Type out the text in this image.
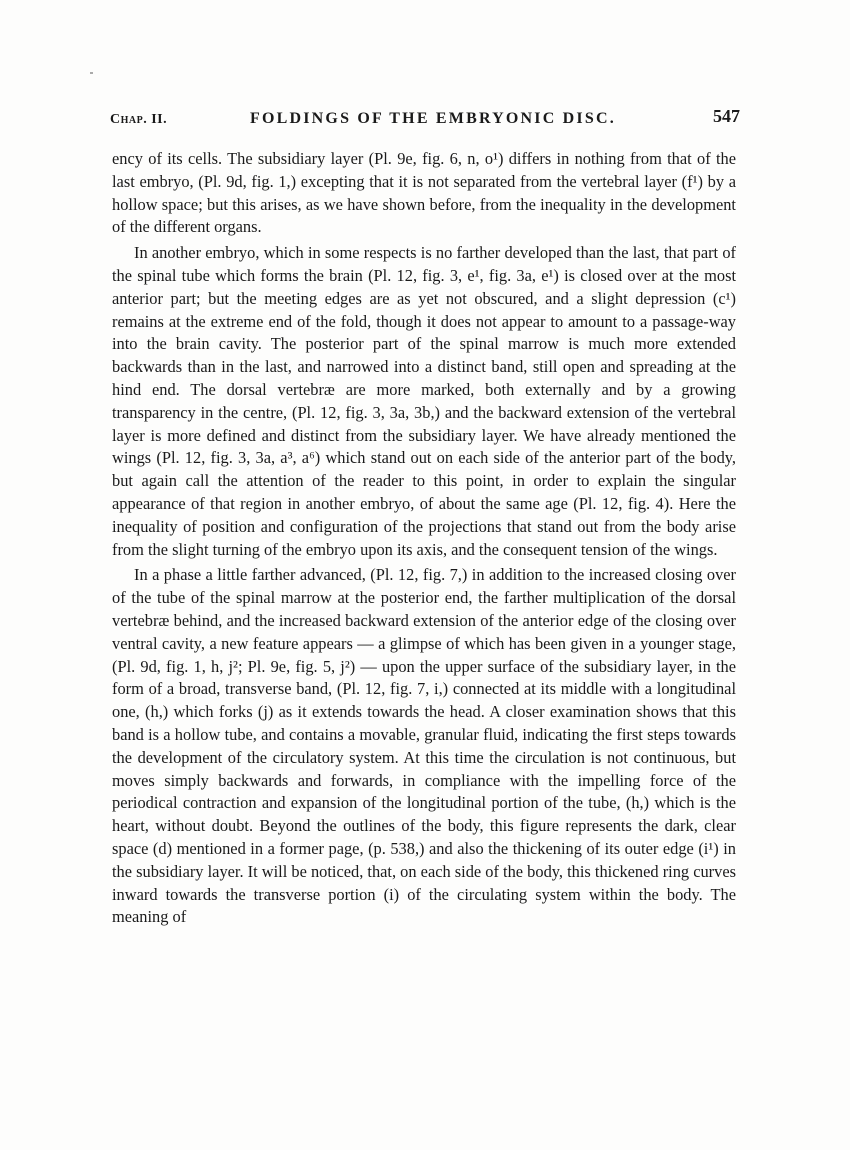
Chap. II.	FOLDINGS OF THE EMBRYONIC DISC.	547

ency of its cells. The subsidiary layer (Pl. 9e, fig. 6, n, o¹) differs in nothing from that of the last embryo, (Pl. 9d, fig. 1,) excepting that it is not separated from the vertebral layer (f¹) by a hollow space; but this arises, as we have shown before, from the inequality in the development of the different organs.

In another embryo, which in some respects is no farther developed than the last, that part of the spinal tube which forms the brain (Pl. 12, fig. 3, e¹, fig. 3a, e¹) is closed over at the most anterior part; but the meeting edges are as yet not obscured, and a slight depression (c¹) remains at the extreme end of the fold, though it does not appear to amount to a passage-way into the brain cavity. The posterior part of the spinal marrow is much more extended backwards than in the last, and narrowed into a distinct band, still open and spreading at the hind end. The dorsal vertebræ are more marked, both externally and by a growing transparency in the centre, (Pl. 12, fig. 3, 3a, 3b,) and the backward extension of the vertebral layer is more defined and distinct from the subsidiary layer. We have already mentioned the wings (Pl. 12, fig. 3, 3a, a³, a⁶) which stand out on each side of the anterior part of the body, but again call the attention of the reader to this point, in order to explain the singular appearance of that region in another embryo, of about the same age (Pl. 12, fig. 4). Here the inequality of position and configuration of the projections that stand out from the body arise from the slight turning of the embryo upon its axis, and the consequent tension of the wings.

In a phase a little farther advanced, (Pl. 12, fig. 7,) in addition to the increased closing over of the tube of the spinal marrow at the posterior end, the farther multiplication of the dorsal vertebræ behind, and the increased backward extension of the anterior edge of the closing over ventral cavity, a new feature appears — a glimpse of which has been given in a younger stage, (Pl. 9d, fig. 1, h, j²; Pl. 9e, fig. 5, j²) — upon the upper surface of the subsidiary layer, in the form of a broad, transverse band, (Pl. 12, fig. 7, i,) connected at its middle with a longitudinal one, (h,) which forks (j) as it extends towards the head. A closer examination shows that this band is a hollow tube, and contains a movable, granular fluid, indicating the first steps towards the development of the circulatory system. At this time the circulation is not continuous, but moves simply backwards and forwards, in compliance with the impelling force of the periodical contraction and expansion of the longitudinal portion of the tube, (h,) which is the heart, without doubt. Beyond the outlines of the body, this figure represents the dark, clear space (d) mentioned in a former page, (p. 538,) and also the thickening of its outer edge (i¹) in the subsidiary layer. It will be noticed, that, on each side of the body, this thickened ring curves inward towards the transverse portion (i) of the circulating system within the body. The meaning of
